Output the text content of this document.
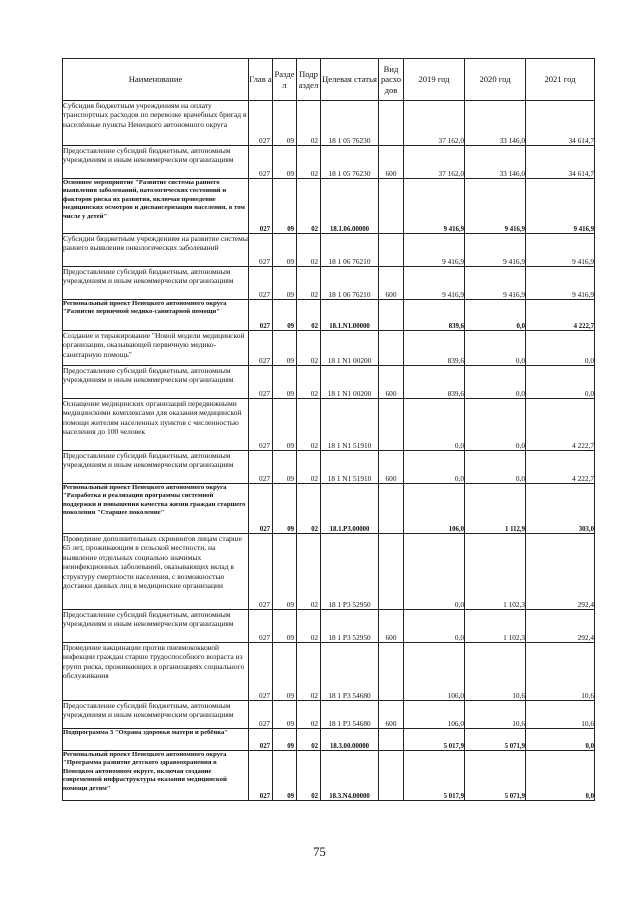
Наименование	Глав а	Разде л	Подр аздел	Целевая статья	Вид расхо дов	2019 год	2020 год	2021 год
Субсидия бюджетным учреждениям на оплату транспортных расходов по перевозке врачебных бригад в населённые пункты Ненецкого автономного округа	027	09	02	18 1 05 76230		37 162,0	33 146,0	34 614,7
Предоставление субсидий бюджетным, автономным учреждениям и иным некоммерческим организациям	027	09	02	18 1 05 76230	600	37 162,0	33 146,0	34 614,7
Основное мероприятие "Развитие системы раннего выявления заболеваний, патологических состояний и факторов риска их развития, включая проведение медицинских осмотров и диспансеризации населения, в том числе у детей"	027	09	02	18.1.06.00000		9 416,9	9 416,9	9 416,9
Субсидии бюджетным учреждениям на развитие системы раннего выявления онкологических заболеваний	027	09	02	18 1 06 76210		9 416,9	9 416,9	9 416,9
Предоставление субсидий бюджетным, автономным учреждениям и иным некоммерческим организациям	027	09	02	18 1 06 76210	600	9 416,9	9 416,9	9 416,9
Региональный проект Ненецкого автономного округа "Развитие первичной медико-санитарной помощи"	027	09	02	18.1.N1.00000		839,6	0,0	4 222,7
Создание и тиражирование "Новой модели медицинской организации, оказывающей первичную медико-санитарную помощь"	027	09	02	18 1 N1 00200		839,6	0,0	0,0
Предоставление субсидий бюджетным, автономным учреждениям и иным некоммерческим организациям	027	09	02	18 1 N1 00200	600	839,6	0,0	0,0
Оснащение медицинских организаций передвижными медицинскими комплексами для оказания медицинской помощи жителям населенных пунктов с численностью населения до 100 человек	027	09	02	18 1 N1 51910		0,0	0,0	4 222,7
Предоставление субсидий бюджетным, автономным учреждениям и иным некоммерческим организациям	027	09	02	18 1 N1 51910	600	0,0	0,0	4 222,7
Региональный проект Ненецкого автономного округа "Разработка и реализация программы системной поддержки и повышения качества жизни граждан старшего поколения "Старшее поколение"	027	09	02	18.1.P3.00000		106,0	1 112,9	303,0
Проведение дополнительных скринингов лицам старше 65 лет, проживающим в сельской местности, на выявление отдельных социально значимых неинфекционных заболеваний, оказывающих вклад в структуру смертности населения, с возможностью доставки данных лиц в медицинские организации	027	09	02	18 1 P3 52950		0,0	1 102,3	292,4
Предоставление субсидий бюджетным, автономным учреждениям и иным некоммерческим организациям	027	09	02	18 1 P3 52950	600	0,0	1 102,3	292,4
Проведение вакцинации против пневмококковой инфекции граждан старше трудоспособного возраста из групп риска, проживающих в организациях социального обслуживания	027	09	02	18 1 P3 54680		106,0	10,6	10,6
Предоставление субсидий бюджетным, автономным учреждениям и иным некоммерческим организациям	027	09	02	18 1 P3 54680	600	106,0	10,6	10,6
Подпрограмма 3 "Охрана здоровья матери и ребёнка"	027	09	02	18.3.00.00000		5 017,9	5 071,9	0,0
Региональный проект Ненецкого автономного округа "Программа развитие детского здравоохранения в Ненецком автономном округе, включая создание современной инфраструктуры оказания медицинской помощи детям"	027	09	02	18.3.N4.00000		5 017,9	5 071,9	0,0
75
